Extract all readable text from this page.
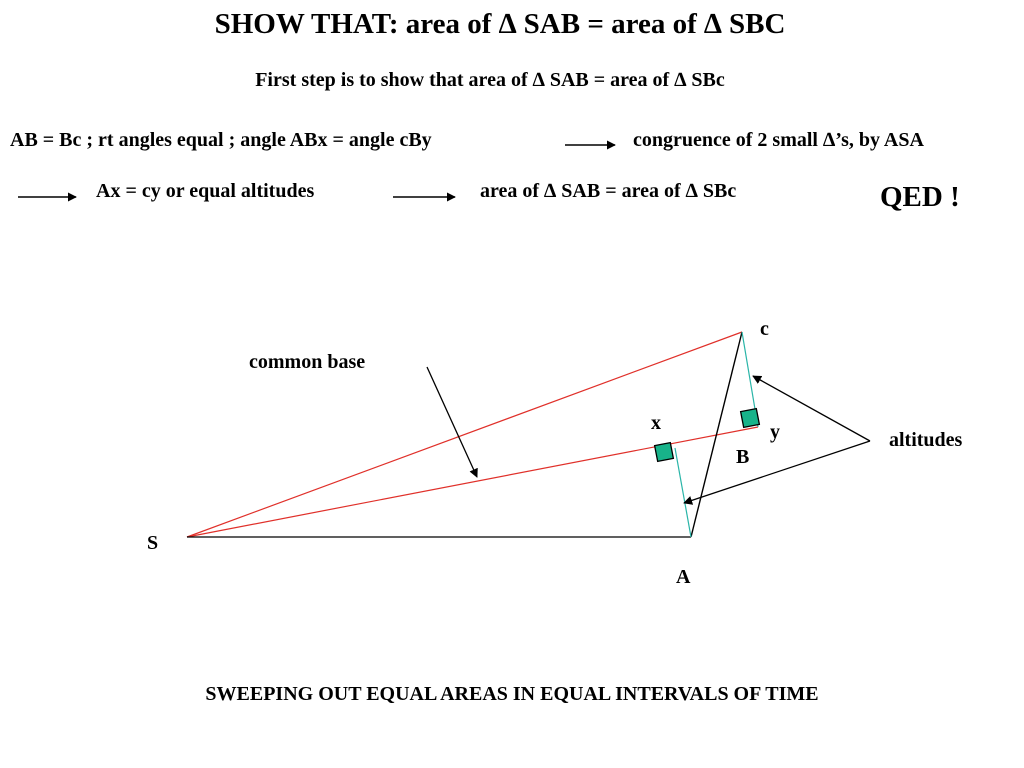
SHOW THAT: area of ∆ SAB = area of ∆ SBC
First step is to show that area of ∆ SAB = area of ∆ SBc
AB = Bc ; rt angles equal ; angle ABx = angle cBy	congruence of 2 small ∆’s, by ASA
Ax = cy or equal altitudes	area of ∆ SAB = area of ∆ SBc	QED !
common base
c
x	y
B
altitudes
S
A
SWEEPING OUT EQUAL AREAS IN EQUAL INTERVALS OF TIME
